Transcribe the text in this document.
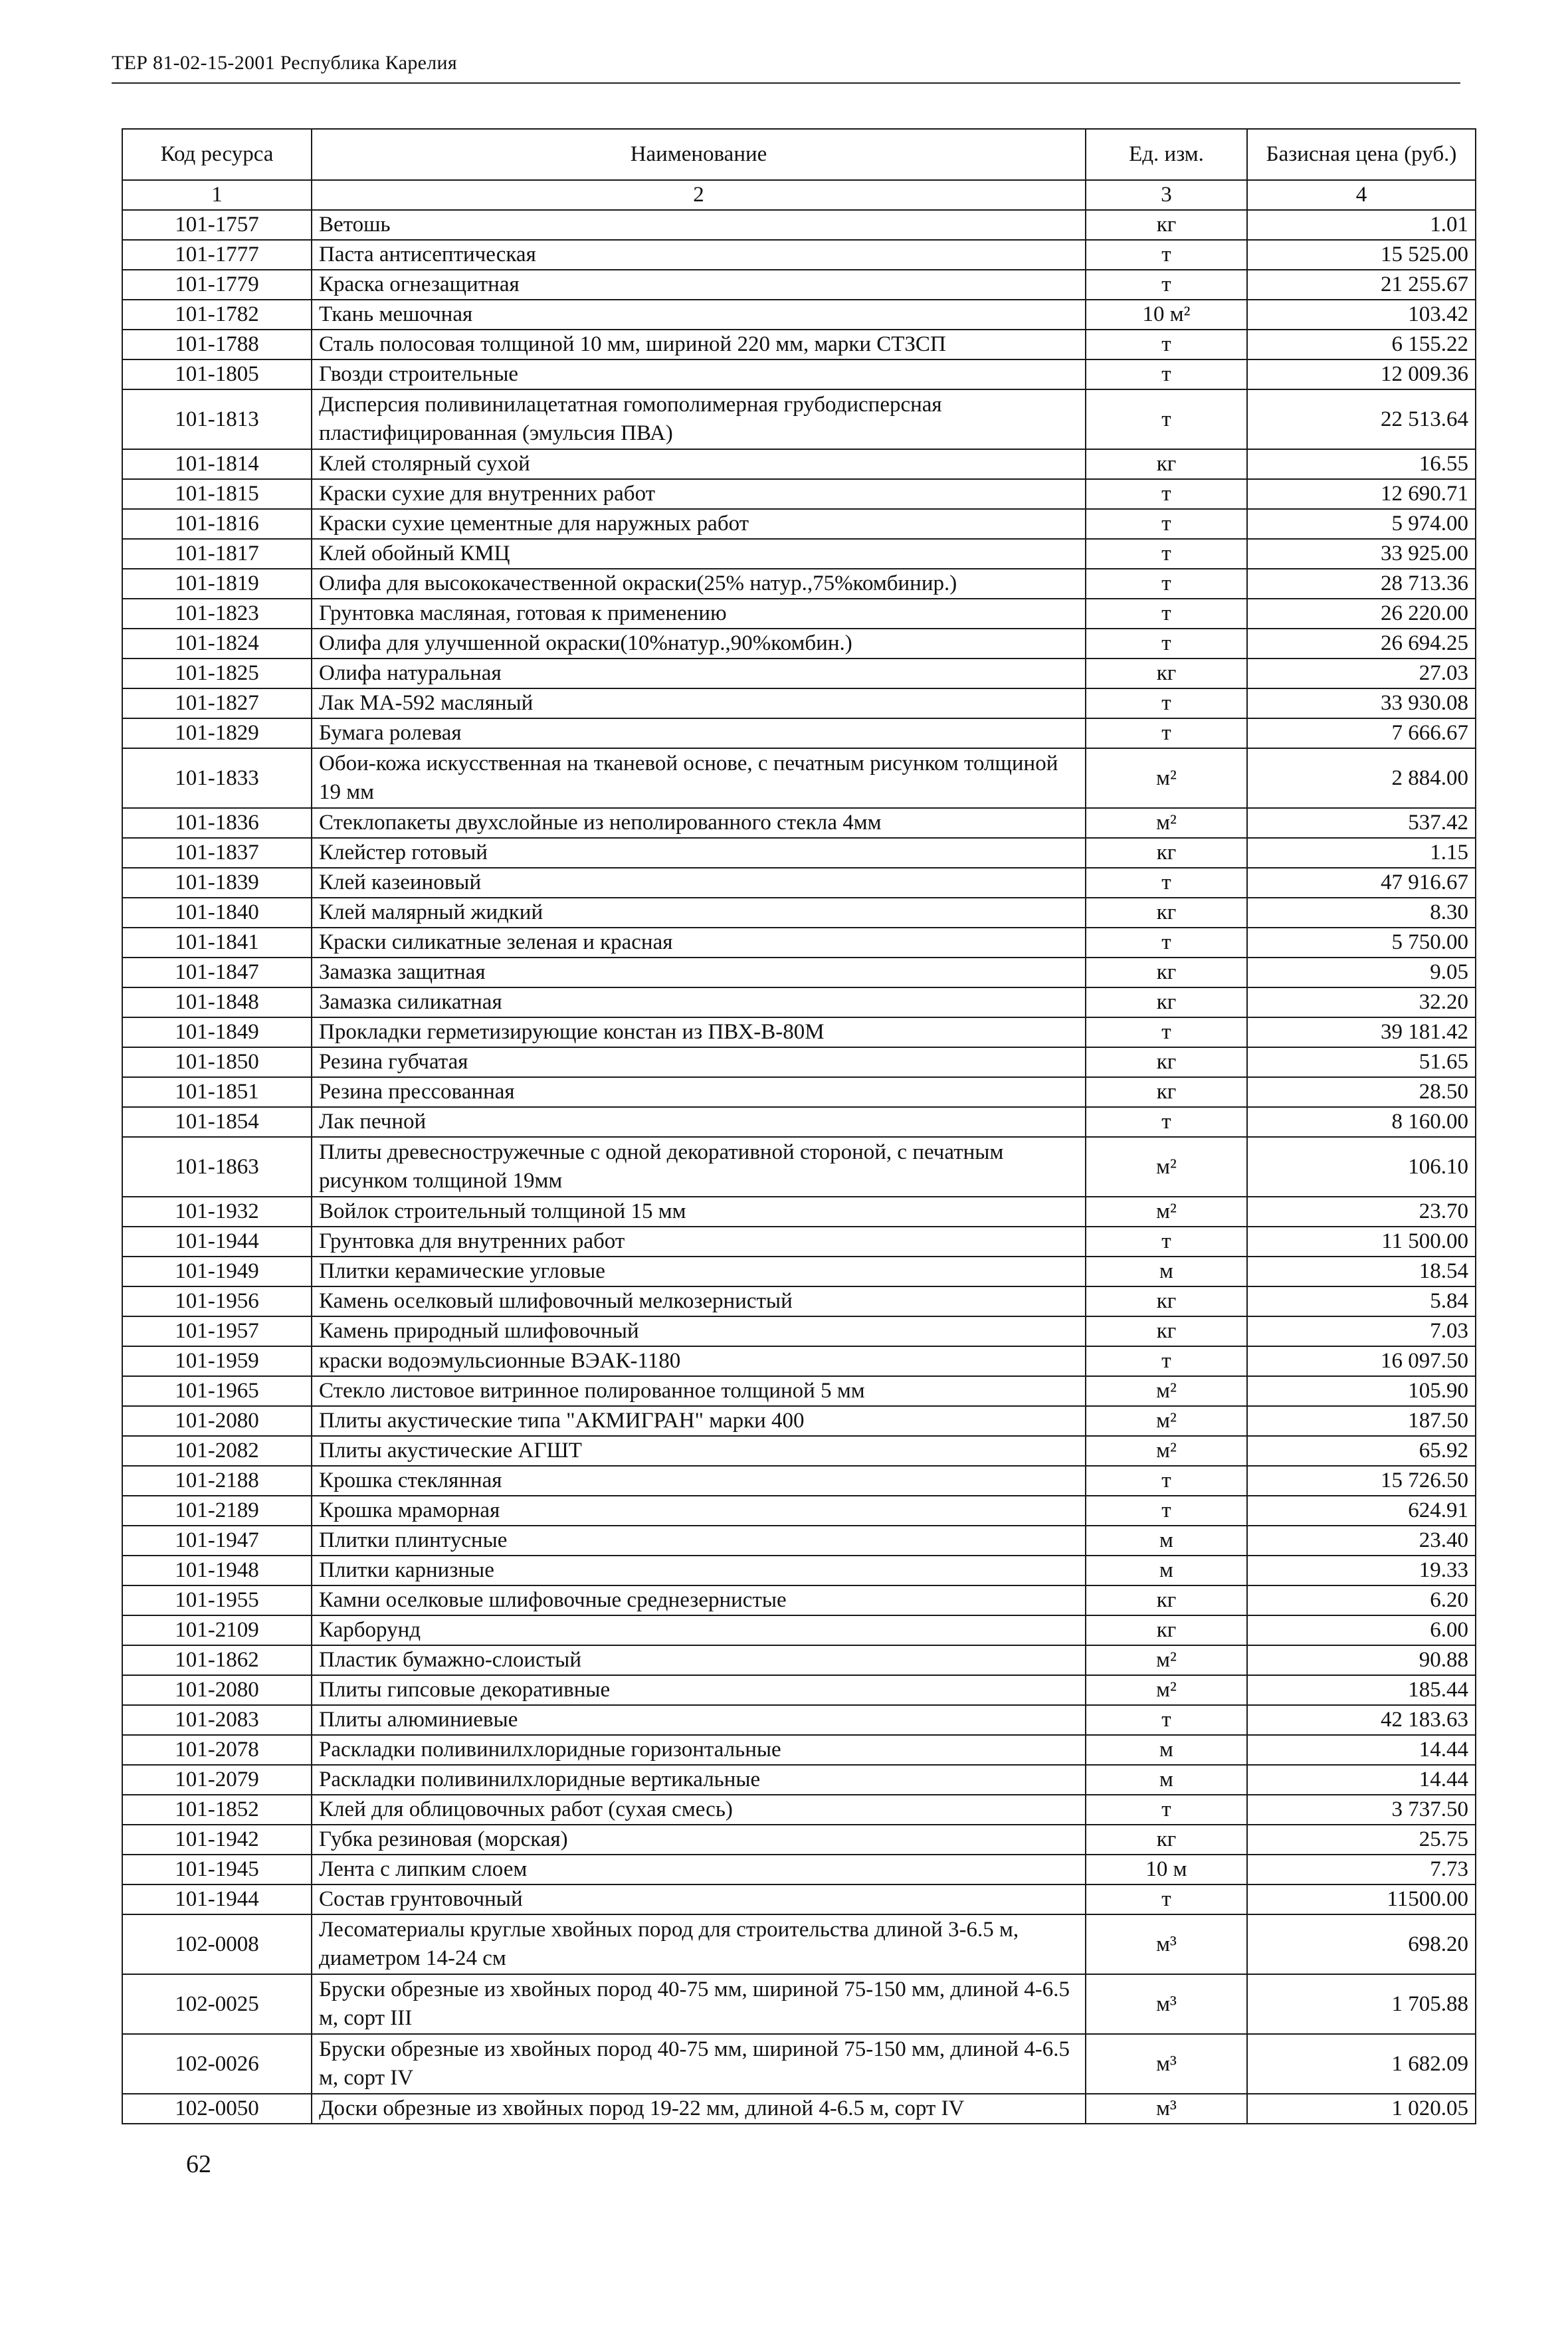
ТЕР 81-02-15-2001 Республика Карелия
Код ресурса	Наименование	Ед. изм.	Базисная цена (руб.)
1	2	3	4
101-1757	Ветошь	кг	1.01
101-1777	Паста антисептическая	т	15 525.00
101-1779	Краска огнезащитная	т	21 255.67
101-1782	Ткань мешочная	10 м²	103.42
101-1788	Сталь полосовая толщиной 10 мм, шириной 220 мм, марки СТЗСП	т	6 155.22
101-1805	Гвозди строительные	т	12 009.36
101-1813	Дисперсия поливинилацетатная гомополимерная грубодисперсная пластифицированная (эмульсия ПВА)	т	22 513.64
101-1814	Клей столярный сухой	кг	16.55
101-1815	Краски сухие для внутренних работ	т	12 690.71
101-1816	Краски сухие цементные для наружных работ	т	5 974.00
101-1817	Клей обойный КМЦ	т	33 925.00
101-1819	Олифа для высококачественной окраски(25% натур.,75%комбинир.)	т	28 713.36
101-1823	Грунтовка масляная, готовая к применению	т	26 220.00
101-1824	Олифа для улучшенной окраски(10%натур.,90%комбин.)	т	26 694.25
101-1825	Олифа натуральная	кг	27.03
101-1827	Лак МА-592 масляный	т	33 930.08
101-1829	Бумага ролевая	т	7 666.67
101-1833	Обои-кожа искусственная на тканевой основе, с печатным рисунком толщиной 19 мм	м²	2 884.00
101-1836	Стеклопакеты двухслойные из неполированного стекла 4мм	м²	537.42
101-1837	Клейстер готовый	кг	1.15
101-1839	Клей казеиновый	т	47 916.67
101-1840	Клей малярный жидкий	кг	8.30
101-1841	Краски силикатные зеленая и красная	т	5 750.00
101-1847	Замазка защитная	кг	9.05
101-1848	Замазка силикатная	кг	32.20
101-1849	Прокладки герметизирующие констан из ПВХ-В-80М	т	39 181.42
101-1850	Резина губчатая	кг	51.65
101-1851	Резина прессованная	кг	28.50
101-1854	Лак печной	т	8 160.00
101-1863	Плиты древесностружечные с одной декоративной стороной, с печатным рисунком толщиной 19мм	м²	106.10
101-1932	Войлок строительный толщиной 15 мм	м²	23.70
101-1944	Грунтовка для внутренних работ	т	11 500.00
101-1949	Плитки керамические угловые	м	18.54
101-1956	Камень оселковый шлифовочный мелкозернистый	кг	5.84
101-1957	Камень природный шлифовочный	кг	7.03
101-1959	краски водоэмульсионные ВЭАК-1180	т	16 097.50
101-1965	Стекло листовое витринное полированное толщиной 5 мм	м²	105.90
101-2080	Плиты акустические типа "АКМИГРАН" марки 400	м²	187.50
101-2082	Плиты акустические АГШТ	м²	65.92
101-2188	Крошка стеклянная	т	15 726.50
101-2189	Крошка мраморная	т	624.91
101-1947	Плитки плинтусные	м	23.40
101-1948	Плитки карнизные	м	19.33
101-1955	Камни оселковые шлифовочные среднезернистые	кг	6.20
101-2109	Карборунд	кг	6.00
101-1862	Пластик бумажно-слоистый	м²	90.88
101-2080	Плиты гипсовые декоративные	м²	185.44
101-2083	Плиты алюминиевые	т	42 183.63
101-2078	Раскладки поливинилхлоридные горизонтальные	м	14.44
101-2079	Раскладки поливинилхлоридные вертикальные	м	14.44
101-1852	Клей для облицовочных работ (сухая смесь)	т	3 737.50
101-1942	Губка резиновая (морская)	кг	25.75
101-1945	Лента с липким слоем	10 м	7.73
101-1944	Состав грунтовочный	т	11500.00
102-0008	Лесоматериалы круглые хвойных пород для строительства длиной 3-6.5 м, диаметром 14-24 см	м³	698.20
102-0025	Бруски обрезные из хвойных пород 40-75 мм, шириной 75-150 мм, длиной 4-6.5 м, сорт III	м³	1 705.88
102-0026	Бруски обрезные из хвойных пород 40-75 мм, шириной 75-150 мм, длиной 4-6.5 м, сорт IV	м³	1 682.09
102-0050	Доски обрезные из хвойных пород 19-22 мм, длиной 4-6.5 м, сорт IV	м³	1 020.05
62
